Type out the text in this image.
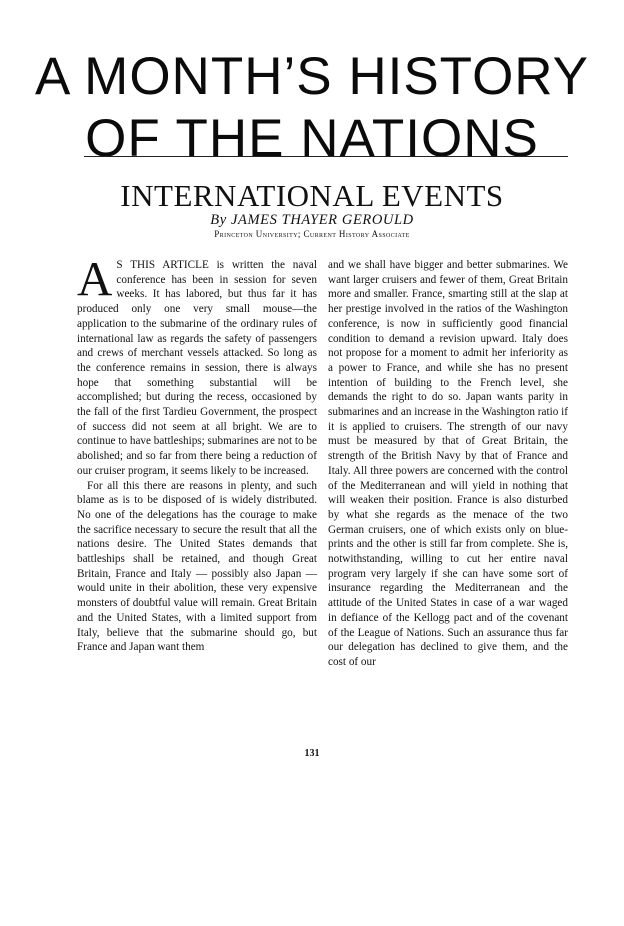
A MONTH’S HISTORY
OF THE NATIONS
INTERNATIONAL EVENTS
By JAMES THAYER GEROULD
Princeton University; Current History Associate

A S THIS ARTICLE is written the naval conference has been in session for seven weeks. It has labored, but thus far it has produced only one very small mouse—the application to the submarine of the ordinary rules of international law as regards the safety of passengers and crews of merchant vessels attacked. So long as the conference remains in session, there is always hope that something substantial will be accomplished; but during the recess, occasioned by the fall of the first Tardieu Government, the prospect of success did not seem at all bright. We are to continue to have battleships; submarines are not to be abolished; and so far from there being a reduction of our cruiser program, it seems likely to be increased.

For all this there are reasons in plenty, and such blame as is to be disposed of is widely distributed. No one of the delegations has the courage to make the sacrifice necessary to secure the result that all the nations desire. The United States demands that battleships shall be retained, and though Great Britain, France and Italy — possibly also Japan — would unite in their abolition, these very expensive monsters of doubtful value will remain. Great Britain and the United States, with a limited support from Italy, believe that the submarine should go, but France and Japan want them

and we shall have bigger and better submarines. We want larger cruisers and fewer of them, Great Britain more and smaller. France, smarting still at the slap at her prestige involved in the ratios of the Washington conference, is now in sufficiently good financial condition to demand a revision upward. Italy does not propose for a moment to admit her inferiority as a power to France, and while she has no present intention of building to the French level, she demands the right to do so. Japan wants parity in submarines and an increase in the Washington ratio if it is applied to cruisers. The strength of our navy must be measured by that of Great Britain, the strength of the British Navy by that of France and Italy. All three powers are concerned with the control of the Mediterranean and will yield in nothing that will weaken their position. France is also disturbed by what she regards as the menace of the two German cruisers, one of which exists only on blue-prints and the other is still far from complete. She is, notwithstanding, willing to cut her entire naval program very largely if she can have some sort of insurance regarding the Mediterranean and the attitude of the United States in case of a war waged in defiance of the Kellogg pact and of the covenant of the League of Nations. Such an assurance thus far our delegation has declined to give them, and the cost of our

131
